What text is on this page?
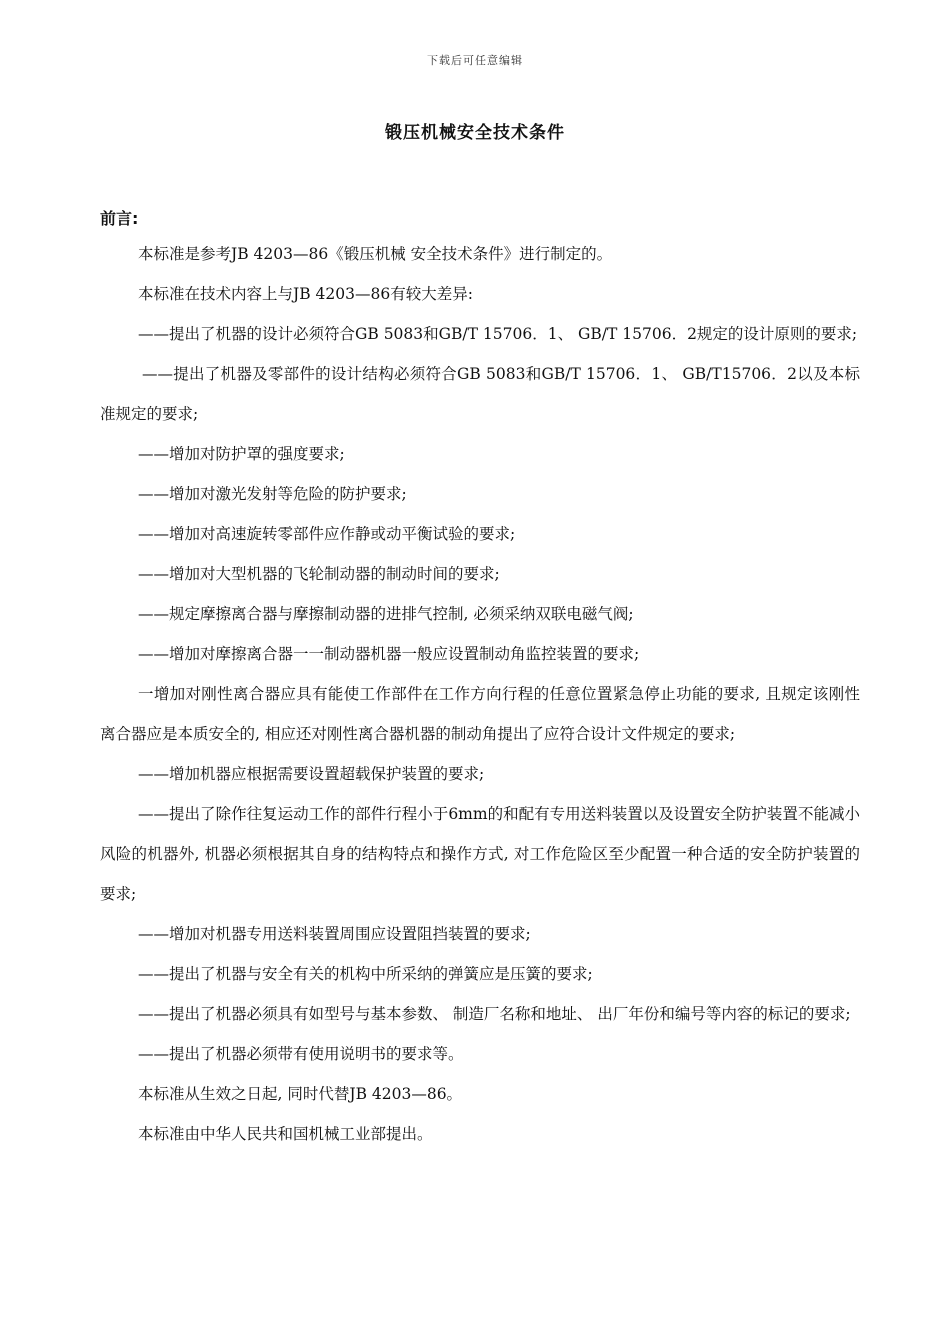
下载后可任意编辑
锻压机械安全技术条件
前言:

本标准是参考JB 4203—86《锻压机械 安全技术条件》进行制定的。

本标准在技术内容上与JB 4203—86有较大差异:

——提出了机器的设计必须符合GB 5083和GB/T 15706．1、 GB/T 15706．2规定的设计原则的要求;

——提出了机器及零部件的设计结构必须符合GB 5083和GB/T 15706．1、 GB/T15706．2以及本标准规定的要求;

——增加对防护罩的强度要求;

——增加对激光发射等危险的防护要求;

——增加对高速旋转零部件应作静或动平衡试验的要求;

——增加对大型机器的飞轮制动器的制动时间的要求;

——规定摩擦离合器与摩擦制动器的进排气控制, 必须采纳双联电磁气阀;

——增加对摩擦离合器一一制动器机器一般应设置制动角监控装置的要求;

一增加对刚性离合器应具有能使工作部件在工作方向行程的任意位置紧急停止功能的要求, 且规定该刚性离合器应是本质安全的, 相应还对刚性离合器机器的制动角提出了应符合设计文件规定的要求;

——增加机器应根据需要设置超载保护装置的要求;

——提出了除作往复运动工作的部件行程小于6mm的和配有专用送料装置以及设置安全防护装置不能减小风险的机器外, 机器必须根据其自身的结构特点和操作方式, 对工作危险区至少配置一种合适的安全防护装置的要求;

——增加对机器专用送料装置周围应设置阻挡装置的要求;

——提出了机器与安全有关的机构中所采纳的弹簧应是压簧的要求;

——提出了机器必须具有如型号与基本参数、 制造厂名称和地址、 出厂年份和编号等内容的标记的要求;

——提出了机器必须带有使用说明书的要求等。

本标准从生效之日起, 同时代替JB 4203—86。

本标准由中华人民共和国机械工业部提出。
